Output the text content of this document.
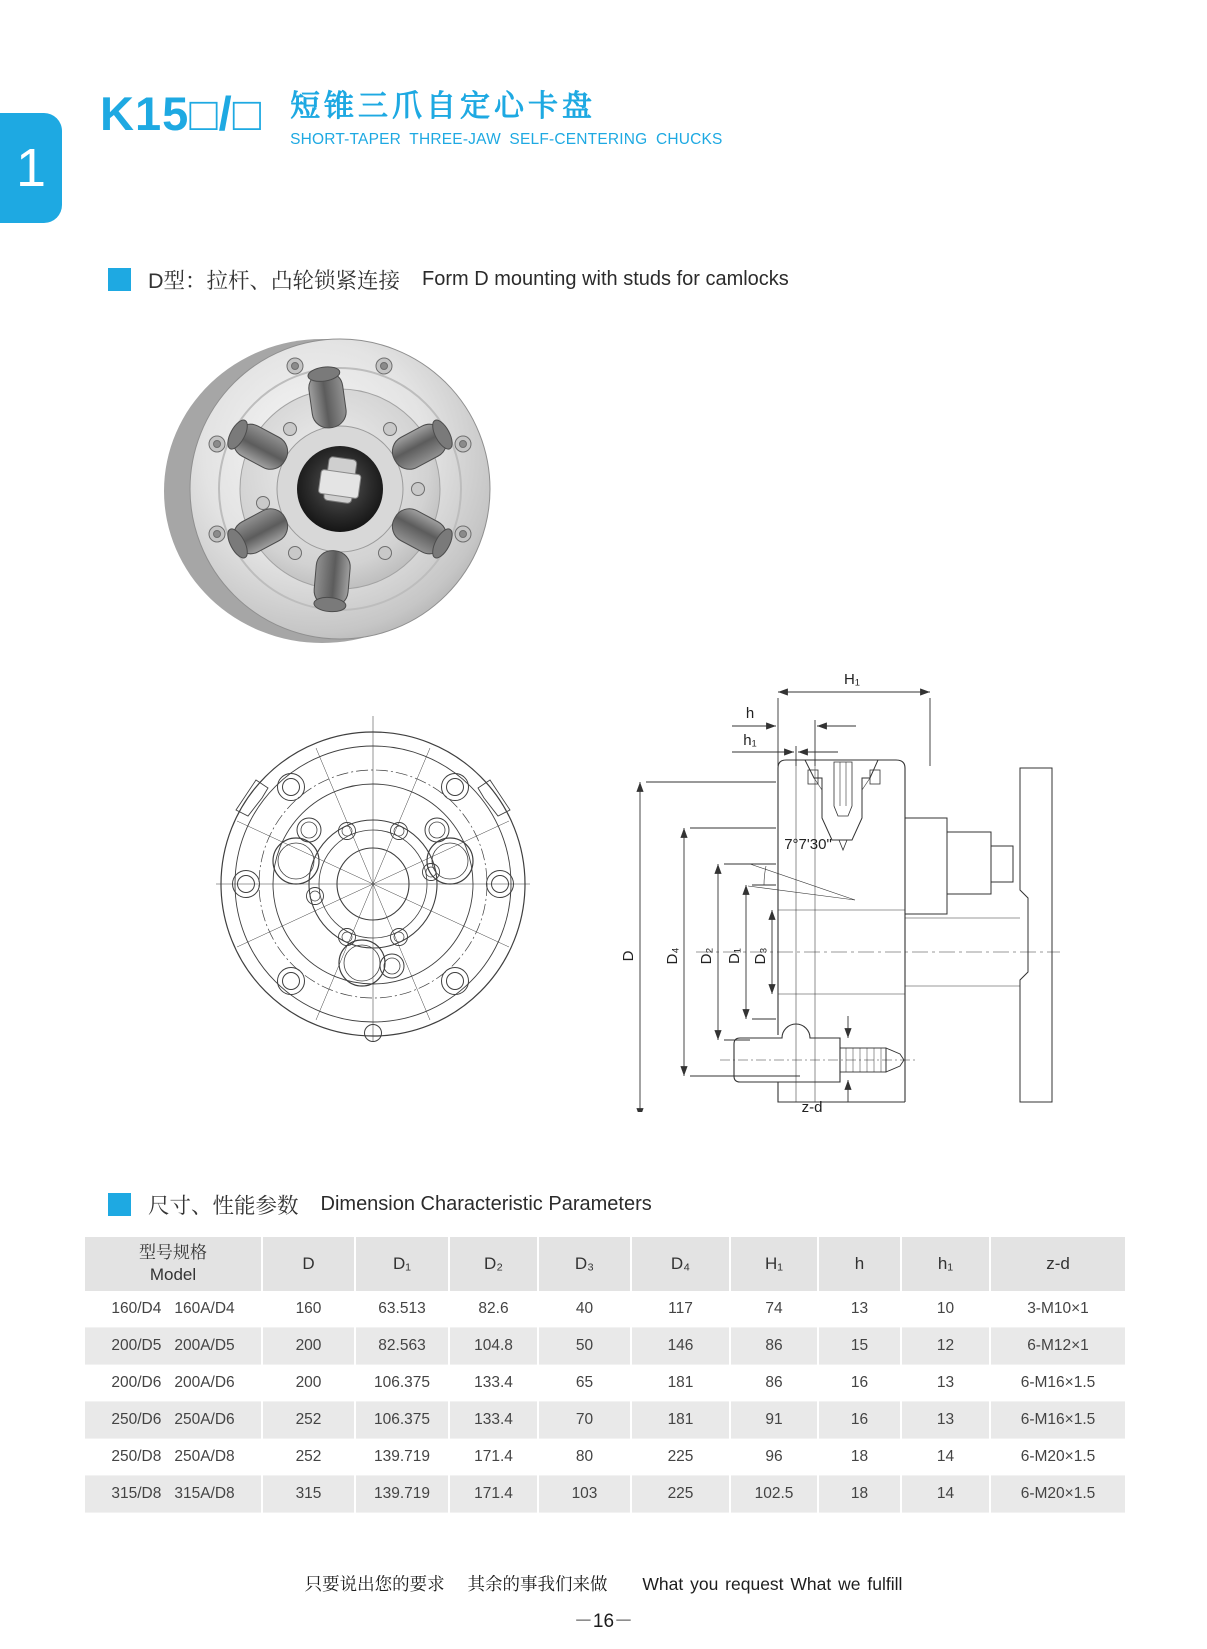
1
K15□/□ 短锥三爪自定心卡盘
SHORT-TAPER THREE-JAW SELF-CENTERING CHUCKS
D型：拉杆、凸轮锁紧连接 Form D mounting with studs for camlocks
H₁
h
h₁
D D₄ D₂ D₁ D₃
7°7'30"
z-d
尺寸、性能参数 Dimension Characteristic Parameters
型号规格
Model	D	D₁	D₂	D₃	D₄	H₁	h	h₁	z-d
160/D4 160A/D4	160	63.513	82.6	40	117	74	13	10	3-M10×1
200/D5 200A/D5	200	82.563	104.8	50	146	86	15	12	6-M12×1
200/D6 200A/D6	200	106.375	133.4	65	181	86	16	13	6-M16×1.5
250/D6 250A/D6	252	106.375	133.4	70	181	91	16	13	6-M16×1.5
250/D8 250A/D8	252	139.719	171.4	80	225	96	18	14	6-M20×1.5
315/D8 315A/D8	315	139.719	171.4	103	225	102.5	18	14	6-M20×1.5
只要说出您的要求 其余的事我们来做 What you request What we fulfill
－16－
